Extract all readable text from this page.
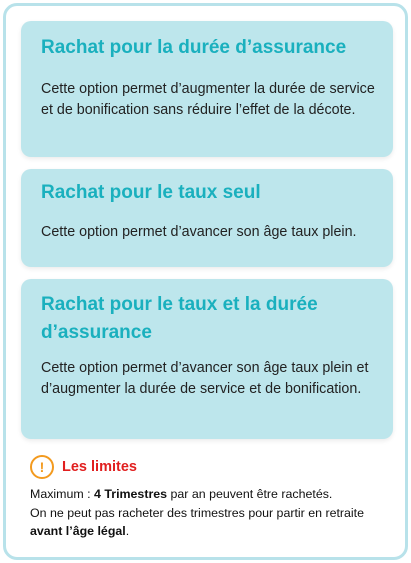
Rachat pour la durée d’assurance

Cette option permet d’augmenter la durée de service et de bonification sans réduire l’effet de la décote.

Rachat pour le taux seul

Cette option permet d’avancer son âge taux plein.

Rachat pour le taux et la durée d’assurance

Cette option permet d’avancer son âge taux plein et d’augmenter la durée de service et de bonification.

!	Les limites
Maximum : 4 Trimestres par an peuvent être rachetés.
On ne peut pas racheter des trimestres pour partir en retraite avant l’âge légal.
